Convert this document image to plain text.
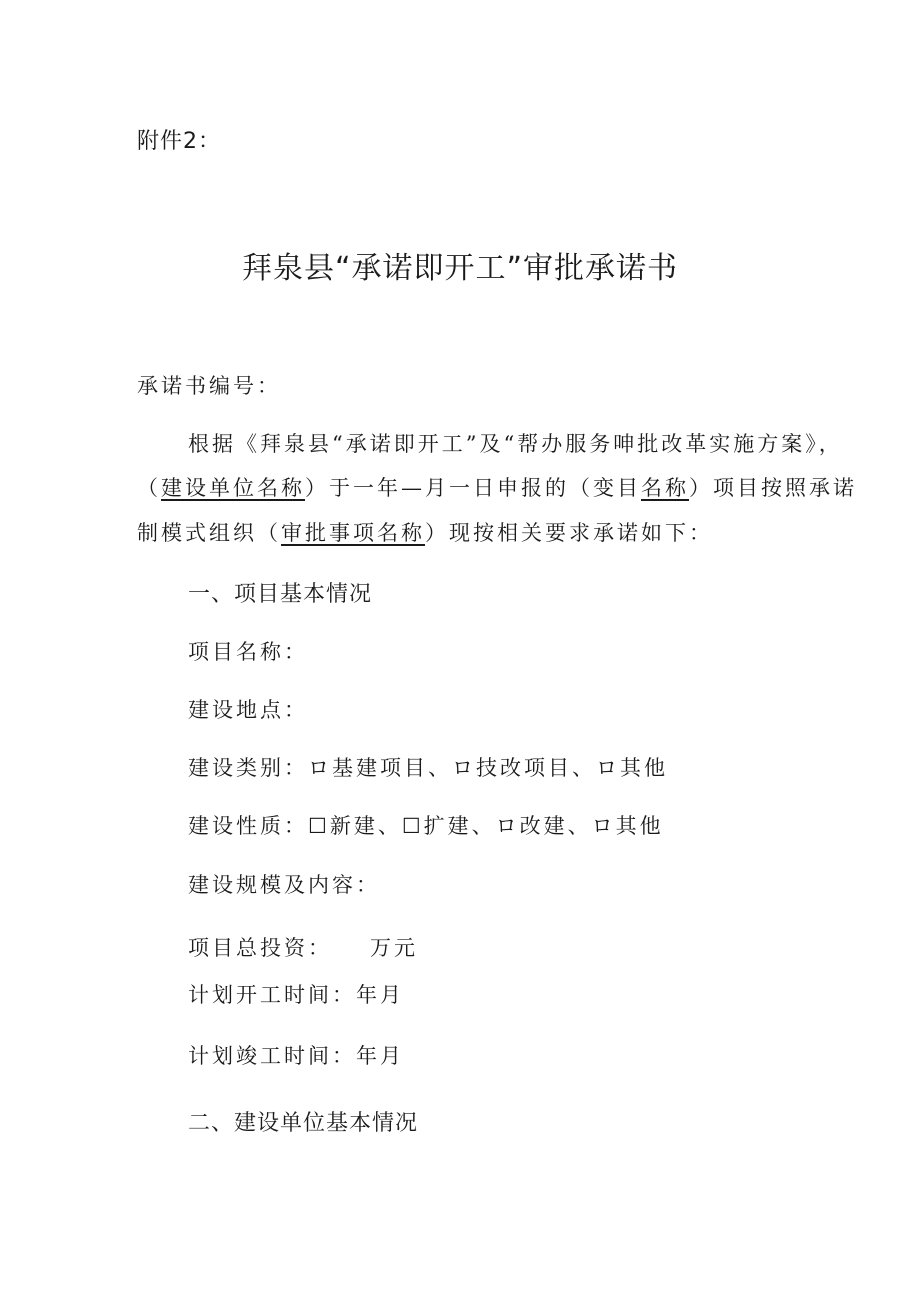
附件2：
拜泉县“承诺即开工”审批承诺书
承诺书编号：
根据《拜泉县“承诺即开工”及“帮办服务呻批改革实施方案》，
（建设单位名称）于一年—月一日申报的（变目名称）项目按照承诺
制模式组织（审批事项名称）现按相关要求承诺如下：
一、项目基本情况
项目名称：
建设地点：
建设类别：ロ基建项目、ロ技改项目、ロ其他
建设性质：☐新建、☐扩建、ロ改建、ロ其他
建设规模及内容：
项目总投资： 万元
计划开工时间：年月
计划竣工时间：年月
二、建设单位基本情况
